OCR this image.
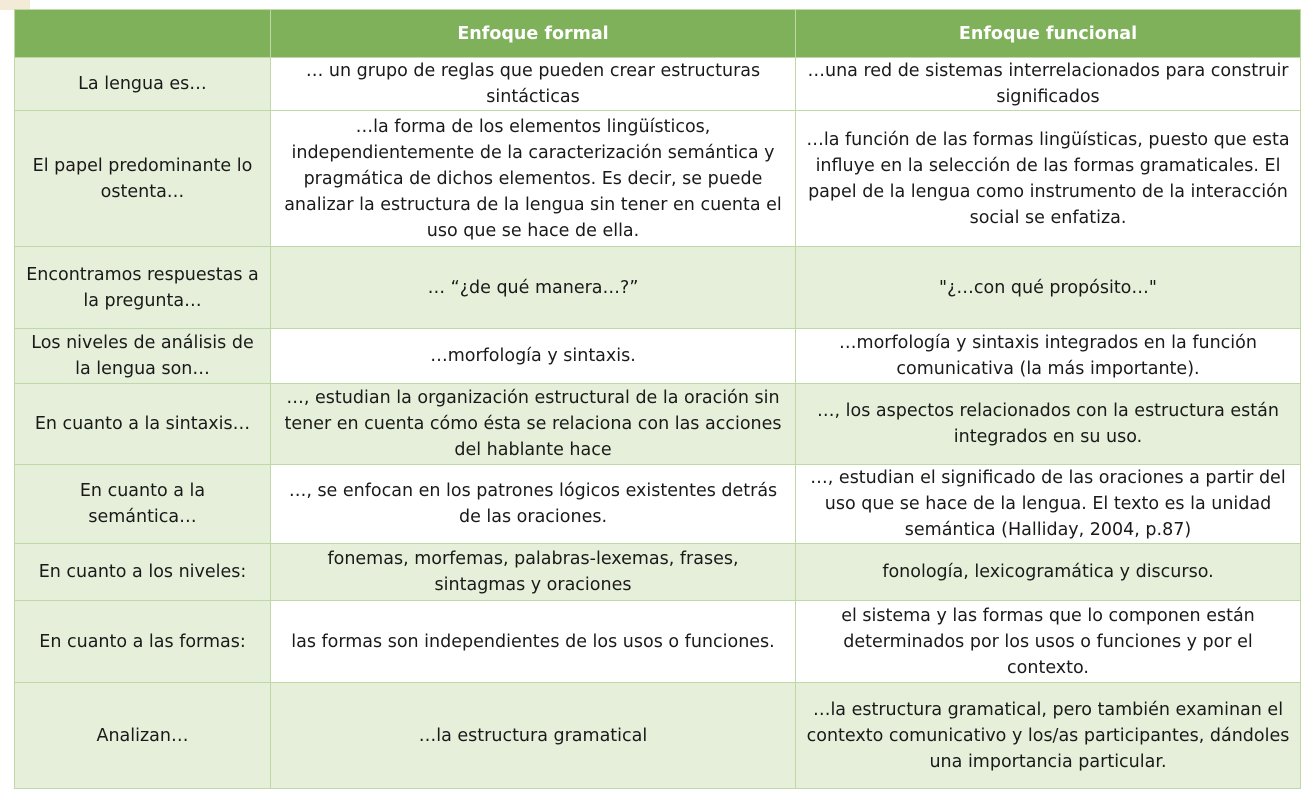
	Enfoque formal	Enfoque funcional
La lengua es…	… un grupo de reglas que pueden crear estructuras sintácticas	…una red de sistemas interrelacionados para construir significados
El papel predominante lo ostenta…	…la forma de los elementos lingüísticos, independientemente de la caracterización semántica y pragmática de dichos elementos. Es decir, se puede analizar la estructura de la lengua sin tener en cuenta el uso que se hace de ella.	…la función de las formas lingüísticas, puesto que esta influye en la selección de las formas gramaticales. El papel de la lengua como instrumento de la interacción social se enfatiza.
Encontramos respuestas a la pregunta…	… “¿de qué manera…?”	"¿…con qué propósito…"
Los niveles de análisis de la lengua son…	…morfología y sintaxis.	…morfología y sintaxis integrados en la función comunicativa (la más importante).
En cuanto a la sintaxis…	…, estudian la organización estructural de la oración sin tener en cuenta cómo ésta se relaciona con las acciones del hablante hace	…, los aspectos relacionados con la estructura están integrados en su uso.
En cuanto a la semántica…	…, se enfocan en los patrones lógicos existentes detrás de las oraciones.	…, estudian el significado de las oraciones a partir del uso que se hace de la lengua. El texto es la unidad semántica (Halliday, 2004, p.87)
En cuanto a los niveles:	fonemas, morfemas, palabras-lexemas, frases, sintagmas y oraciones	fonología, lexicogramática y discurso.
En cuanto a las formas:	las formas son independientes de los usos o funciones.	el sistema y las formas que lo componen están determinados por los usos o funciones y por el contexto.
Analizan…	…la estructura gramatical	…la estructura gramatical, pero también examinan el contexto comunicativo y los/as participantes, dándoles una importancia particular.
